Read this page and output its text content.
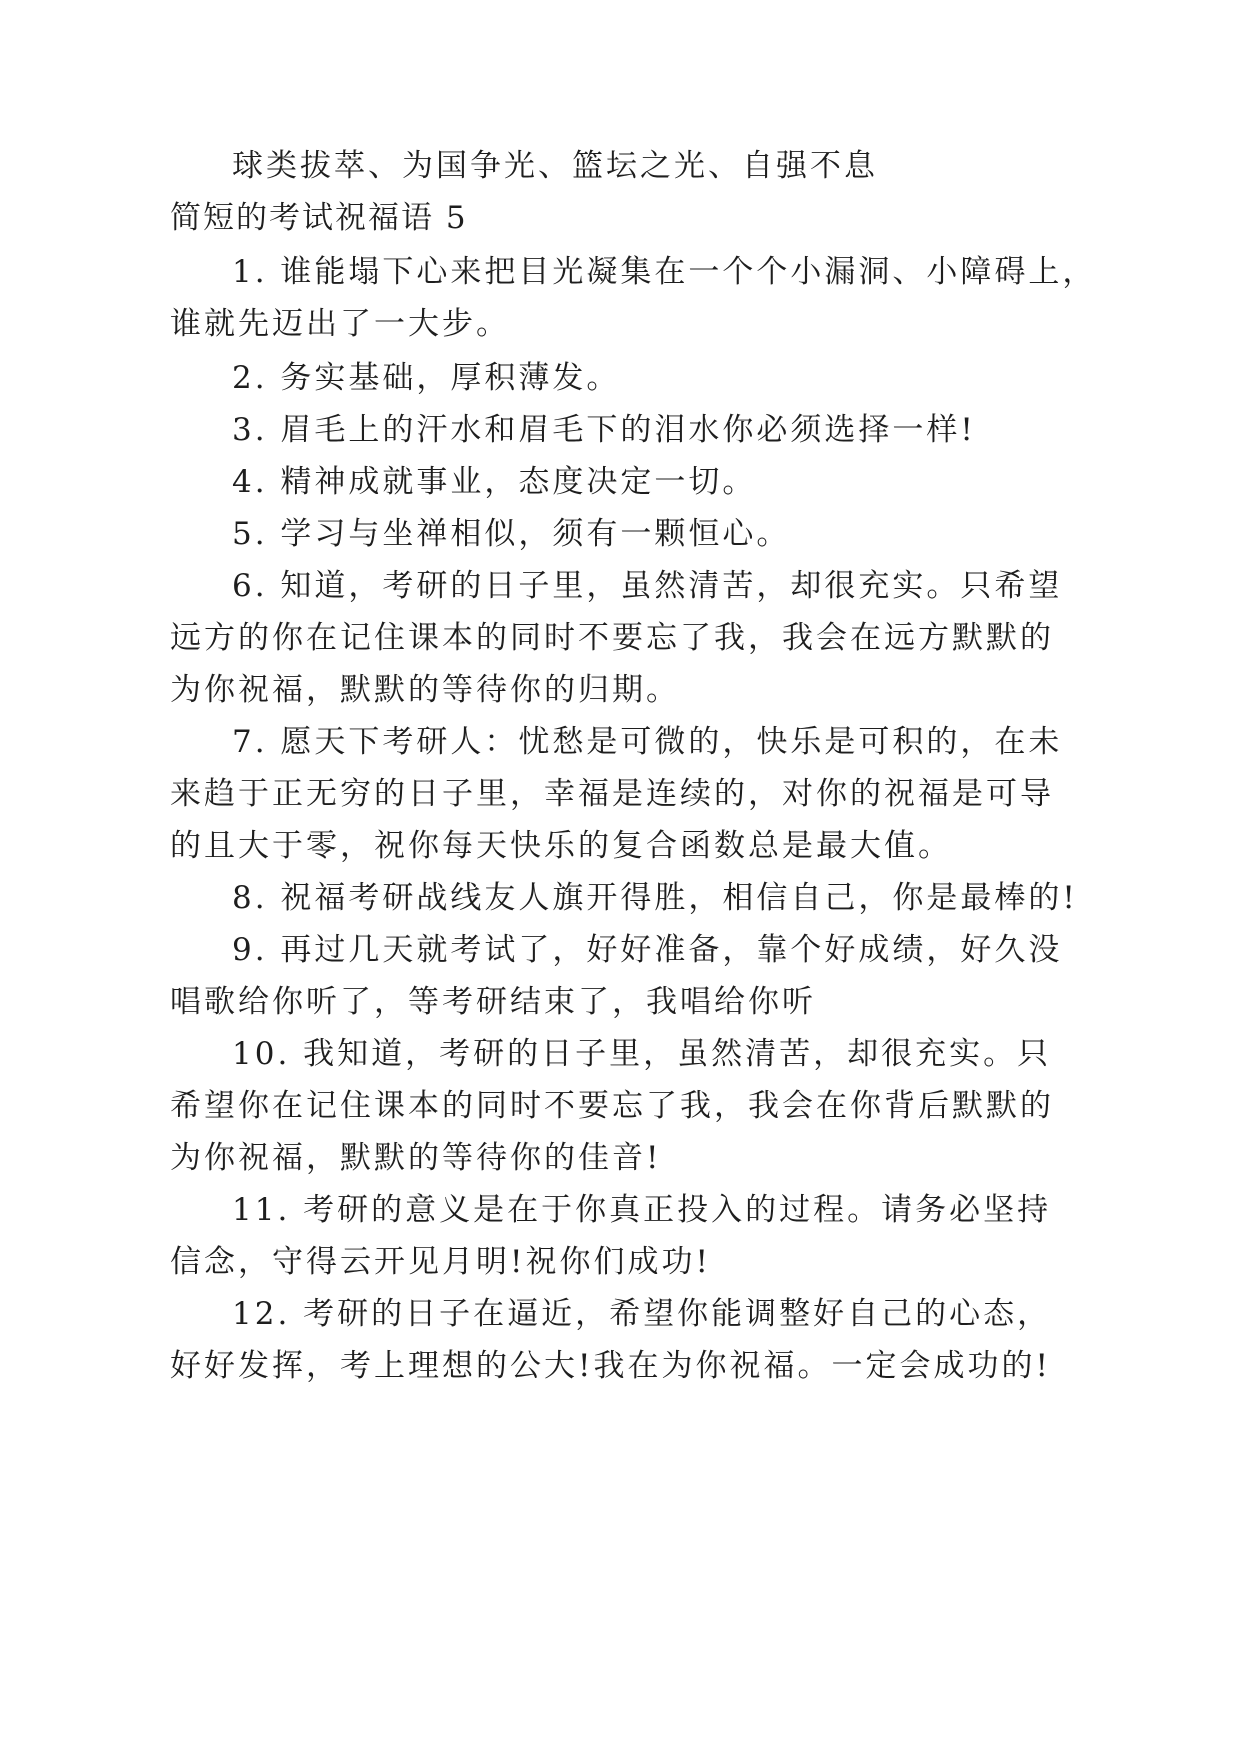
球类拔萃、为国争光、篮坛之光、自强不息
简短的考试祝福语 5
1. 谁能塌下心来把目光凝集在一个个小漏洞、小障碍上，
谁就先迈出了一大步。
2. 务实基础，厚积薄发。
3. 眉毛上的汗水和眉毛下的泪水你必须选择一样!
4. 精神成就事业，态度决定一切。
5. 学习与坐禅相似，须有一颗恒心。
6. 知道，考研的日子里，虽然清苦，却很充实。只希望
远方的你在记住课本的同时不要忘了我，我会在远方默默的
为你祝福，默默的等待你的归期。
7. 愿天下考研人：忧愁是可微的，快乐是可积的，在未
来趋于正无穷的日子里，幸福是连续的，对你的祝福是可导
的且大于零，祝你每天快乐的复合函数总是最大值。
8. 祝福考研战线友人旗开得胜，相信自己，你是最棒的!
9. 再过几天就考试了，好好准备，靠个好成绩，好久没
唱歌给你听了，等考研结束了，我唱给你听
10. 我知道，考研的日子里，虽然清苦，却很充实。只
希望你在记住课本的同时不要忘了我，我会在你背后默默的
为你祝福，默默的等待你的佳音!
11. 考研的意义是在于你真正投入的过程。请务必坚持
信念，守得云开见月明!祝你们成功!
12. 考研的日子在逼近，希望你能调整好自己的心态，
好好发挥，考上理想的公大!我在为你祝福。一定会成功的!
